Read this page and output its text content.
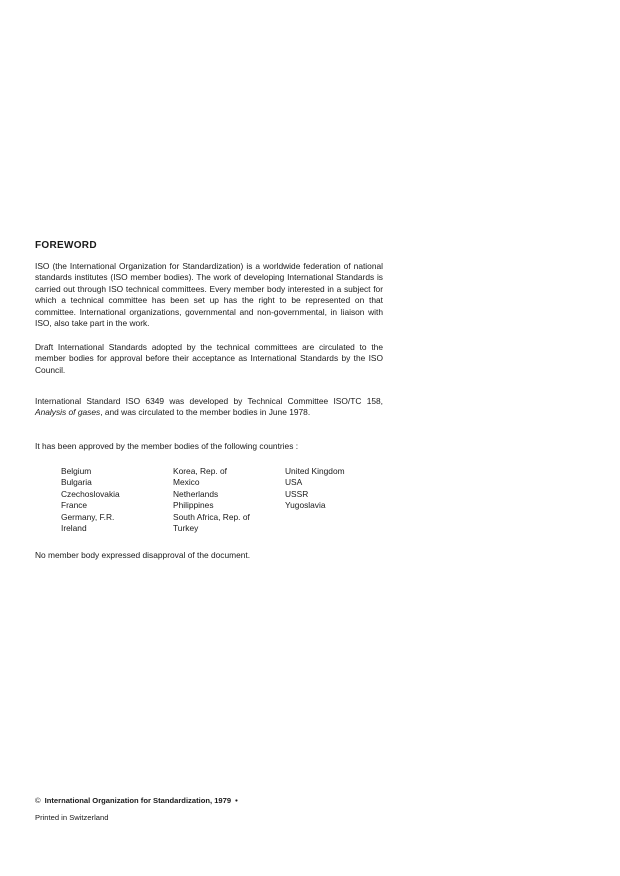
FOREWORD

ISO (the International Organization for Standardization) is a worldwide federation of national standards institutes (ISO member bodies). The work of developing International Standards is carried out through ISO technical committees. Every member body interested in a subject for which a technical committee has been set up has the right to be represented on that committee. International organizations, governmental and non-governmental, in liaison with ISO, also take part in the work.

Draft International Standards adopted by the technical committees are circulated to the member bodies for approval before their acceptance as International Standards by the ISO Council.

International Standard ISO 6349 was developed by Technical Committee ISO/TC 158, Analysis of gases, and was circulated to the member bodies in June 1978.

It has been approved by the member bodies of the following countries :

Belgium
Bulgaria
Czechoslovakia
France
Germany, F.R.
Ireland
Korea, Rep. of
Mexico
Netherlands
Philippines
South Africa, Rep. of
Turkey
United Kingdom
USA
USSR
Yugoslavia

No member body expressed disapproval of the document.

© International Organization for Standardization, 1979 •
Printed in Switzerland
